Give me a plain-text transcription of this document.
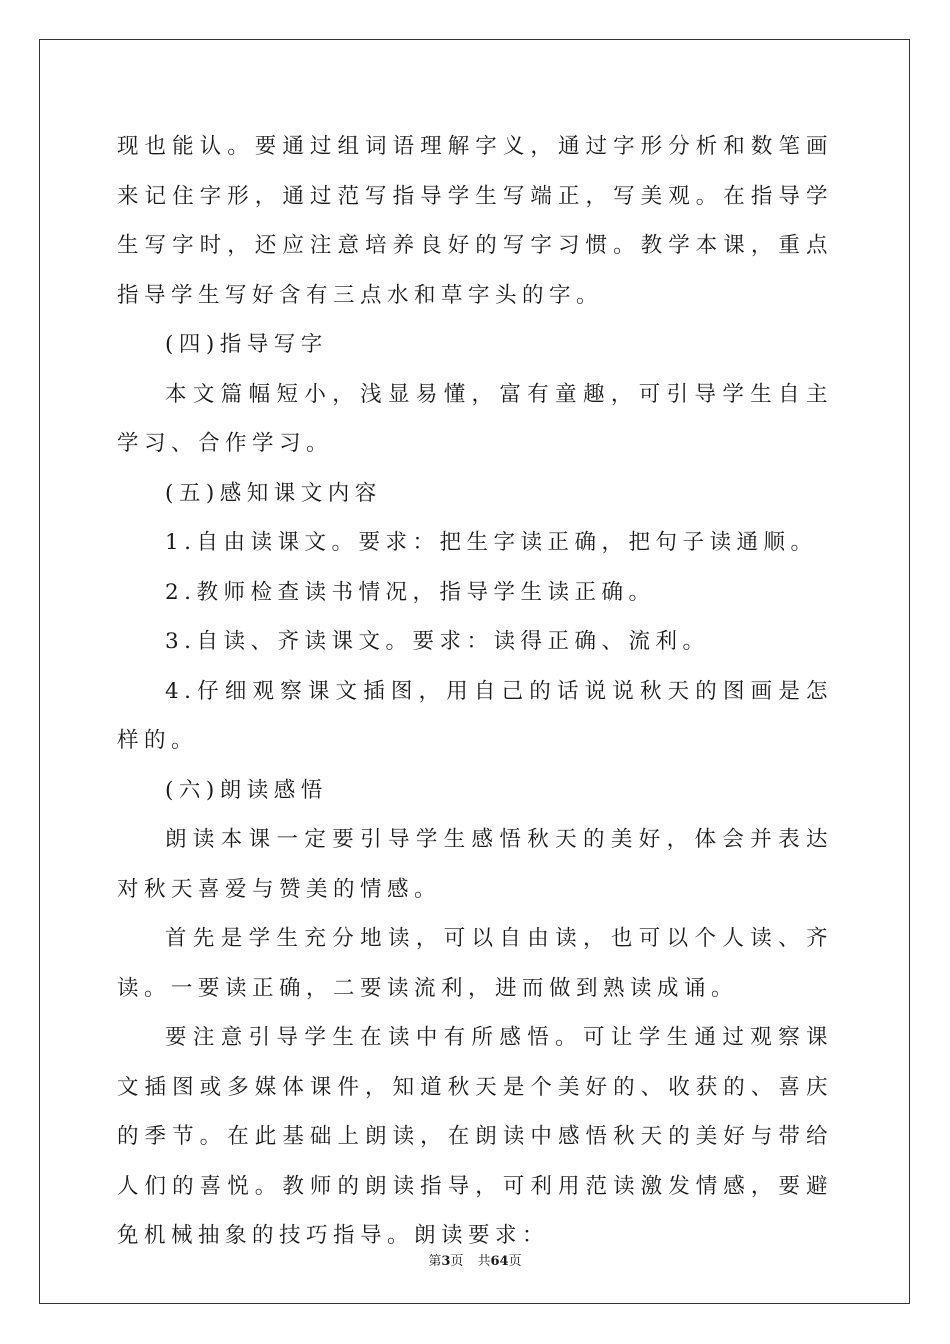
现也能认。要通过组词语理解字义，通过字形分析和数笔画来记住字形，通过范写指导学生写端正，写美观。在指导学生写字时，还应注意培养良好的写字习惯。教学本课，重点指导学生写好含有三点水和草字头的字。

(四)指导写字

本文篇幅短小，浅显易懂，富有童趣，可引导学生自主学习、合作学习。

(五)感知课文内容

1.自由读课文。要求：把生字读正确，把句子读通顺。

2.教师检查读书情况，指导学生读正确。

3.自读、齐读课文。要求：读得正确、流利。

4.仔细观察课文插图，用自己的话说说秋天的图画是怎样的。

(六)朗读感悟

朗读本课一定要引导学生感悟秋天的美好，体会并表达对秋天喜爱与赞美的情感。

首先是学生充分地读，可以自由读，也可以个人读、齐读。一要读正确，二要读流利，进而做到熟读成诵。

要注意引导学生在读中有所感悟。可让学生通过观察课文插图或多媒体课件，知道秋天是个美好的、收获的、喜庆的季节。在此基础上朗读，在朗读中感悟秋天的美好与带给人们的喜悦。教师的朗读指导，可利用范读激发情感，要避免机械抽象的技巧指导。朗读要求：

第3页 共64页
